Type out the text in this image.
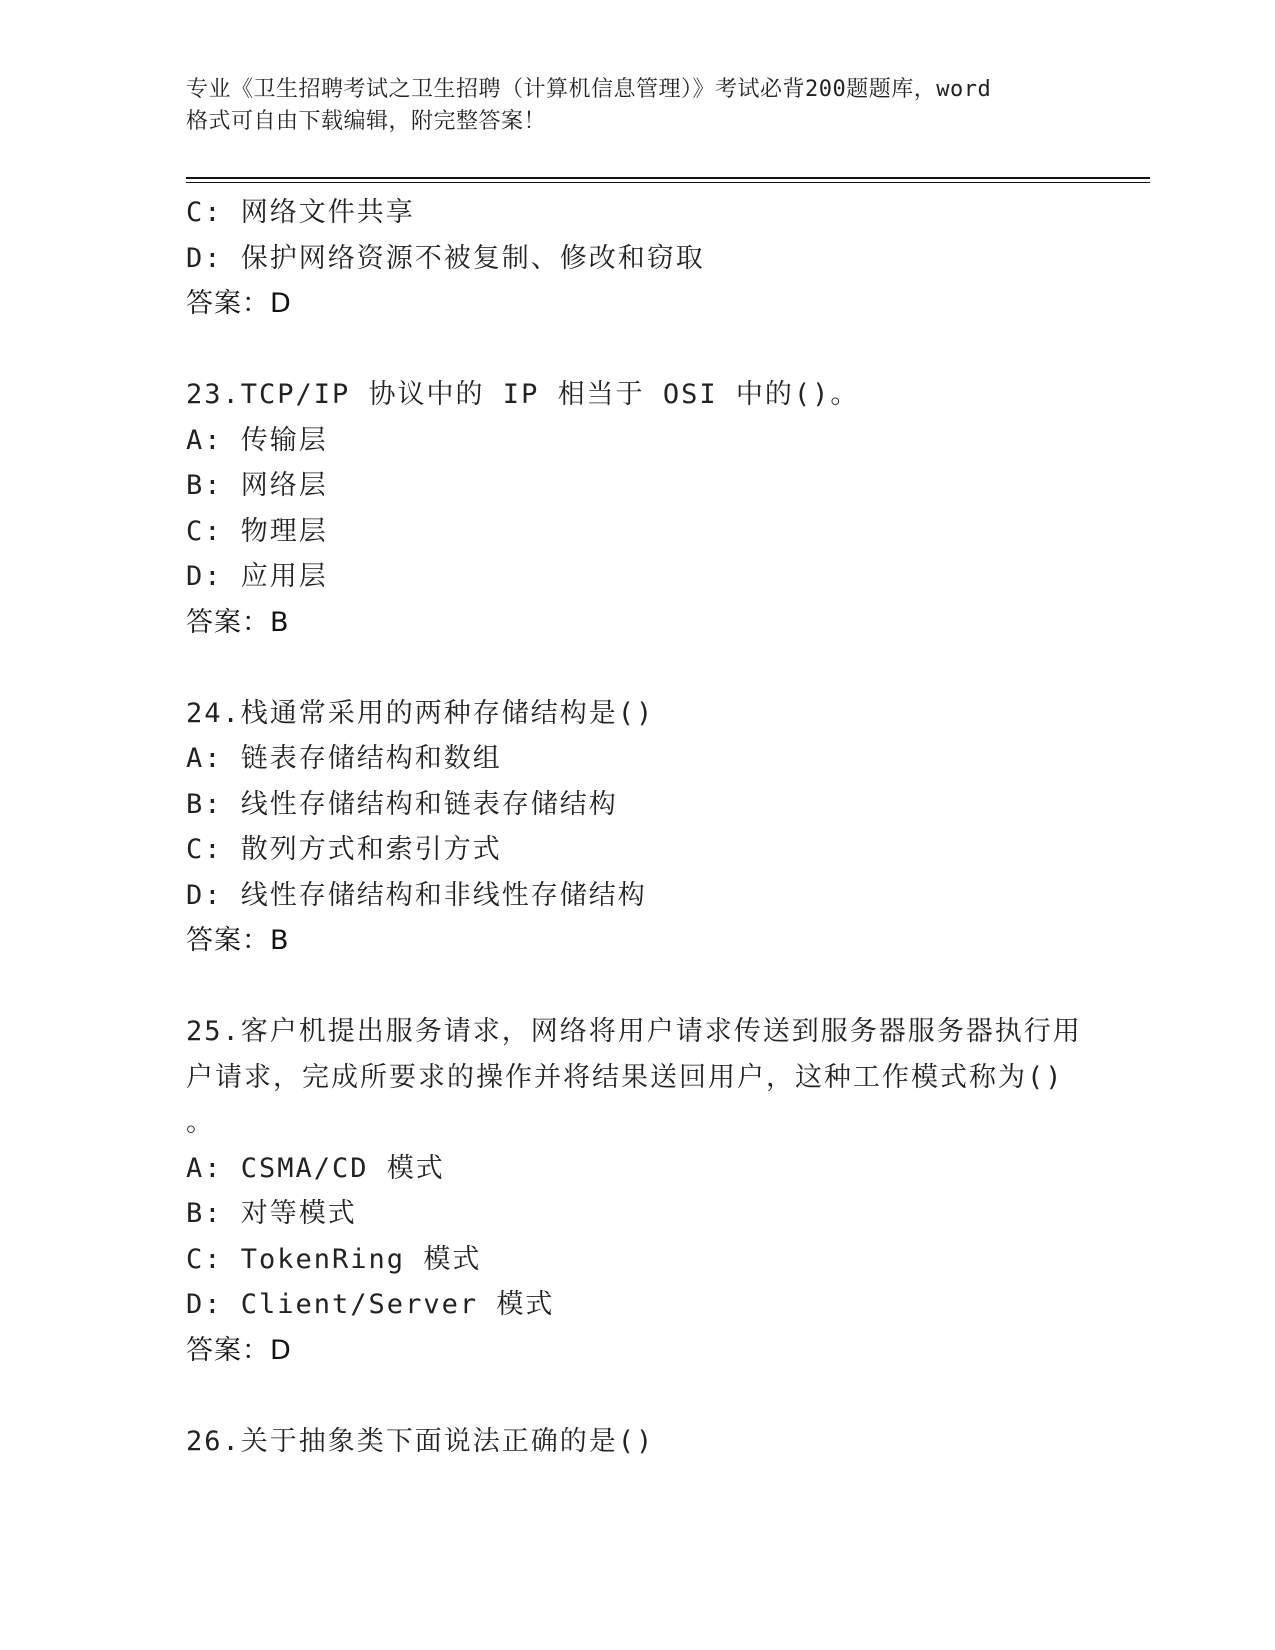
专业《卫生招聘考试之卫生招聘（计算机信息管理）》考试必背200题题库，word
格式可自由下载编辑，附完整答案！
C: 网络文件共享
D: 保护网络资源不被复制、修改和窃取
答案：D
23.TCP/IP 协议中的 IP 相当于 OSI 中的()。
A: 传输层
B: 网络层
C: 物理层
D: 应用层
答案：B
24.栈通常采用的两种存储结构是()
A: 链表存储结构和数组
B: 线性存储结构和链表存储结构
C: 散列方式和索引方式
D: 线性存储结构和非线性存储结构
答案：B
25.客户机提出服务请求，网络将用户请求传送到服务器服务器执行用
户请求，完成所要求的操作并将结果送回用户，这种工作模式称为()
。
A: CSMA/CD 模式
B: 对等模式
C: TokenRing 模式
D: Client/Server 模式
答案：D
26.关于抽象类下面说法正确的是()
